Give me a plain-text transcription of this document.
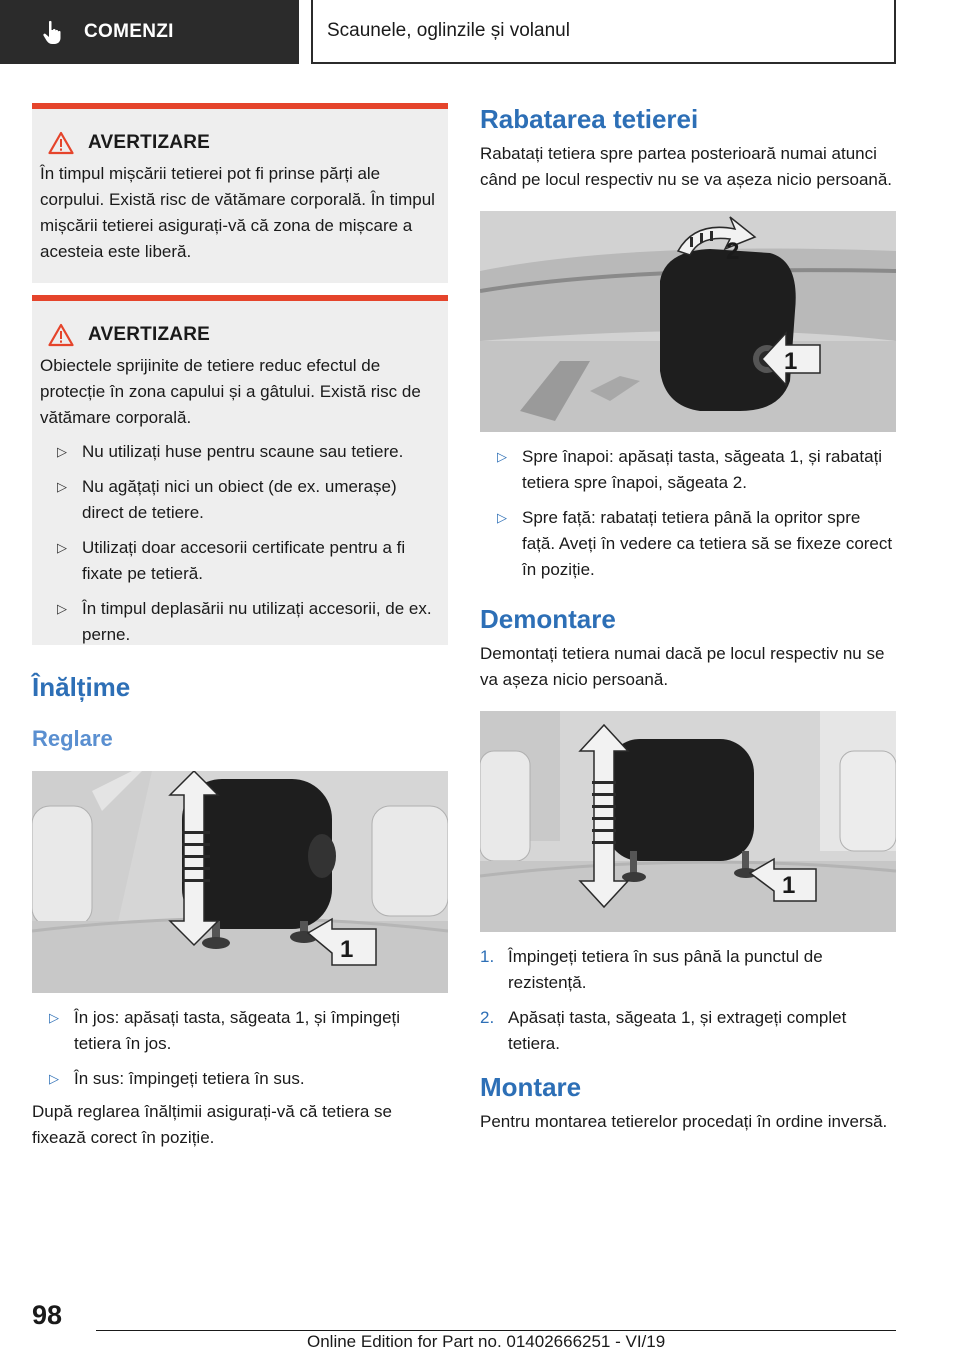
COMENZI	Scaunele, oglinzile și volanul
AVERTIZARE

În timpul mișcării tetierei pot fi prinse părți ale corpului. Există risc de vătămare corporală. În timpul mișcării tetierei asigurați-vă că zona de mișcare a acesteia este liberă.

AVERTIZARE

Obiectele sprijinite de tetiere reduc efectul de protecție în zona capului și a gâtului. Există risc de vătămare corporală.

▷ Nu utilizați huse pentru scaune sau tetiere.
▷ Nu agățați nici un obiect (de ex. umerașe) direct de tetiere.
▷ Utilizați doar accesorii certificate pentru a fi fixate pe tetieră.
▷ În timpul deplasării nu utilizați accesorii, de ex. perne.
Înălțime
Reglare
1
▷ În jos: apăsați tasta, săgeata 1, și împingeți tetiera în jos.
▷ În sus: împingeți tetiera în sus.

După reglarea înălțimii asigurați-vă că tetiera se fixează corect în poziție.

Rabatarea tetierei

Rabatați tetiera spre partea posterioară numai atunci când pe locul respectiv nu se va așeza nicio persoană.

2
1
▷ Spre înapoi: apăsați tasta, săgeata 1, și rabatați tetiera spre înapoi, săgeata 2.
▷ Spre față: rabatați tetiera până la opritor spre față. Aveți în vedere ca tetiera să se fixeze corect în poziție.
Demontare

Demontați tetiera numai dacă pe locul respectiv nu se va așeza nicio persoană.

1
1. Împingeți tetiera în sus până la punctul de rezistență.
2. Apăsați tasta, săgeata 1, și extrageți complet tetiera.
Montare

Pentru montarea tetierelor procedați în ordine inversă.

98
Online Edition for Part no. 01402666251 - VI/19
